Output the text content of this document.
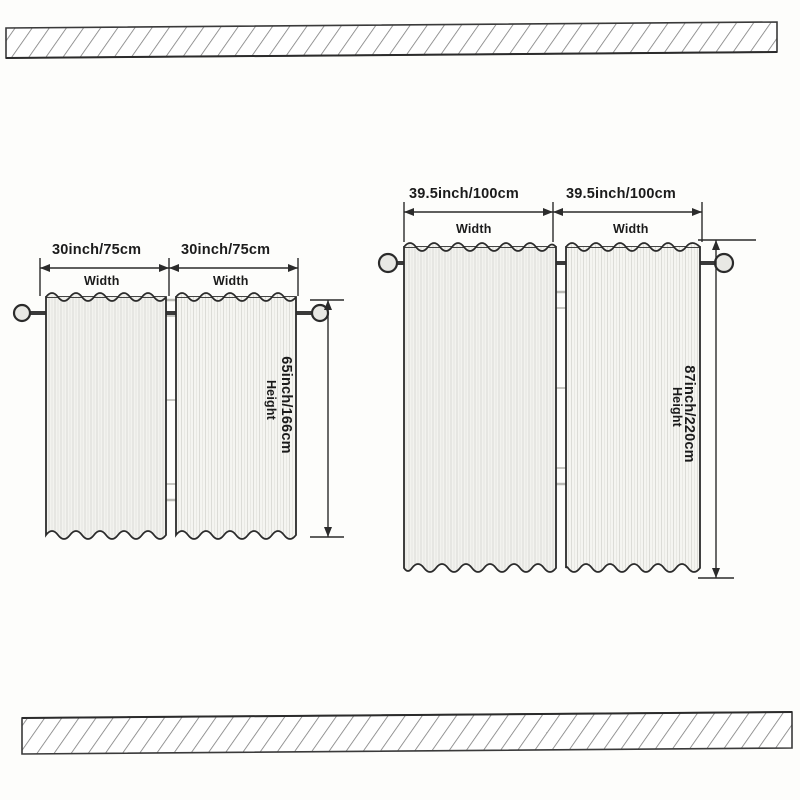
30inch/75cm	30inch/75cm
Width	Width
65inch/166cm
Height
39.5inch/100cm	39.5inch/100cm
Width	Width
87inch/220cm
Height
